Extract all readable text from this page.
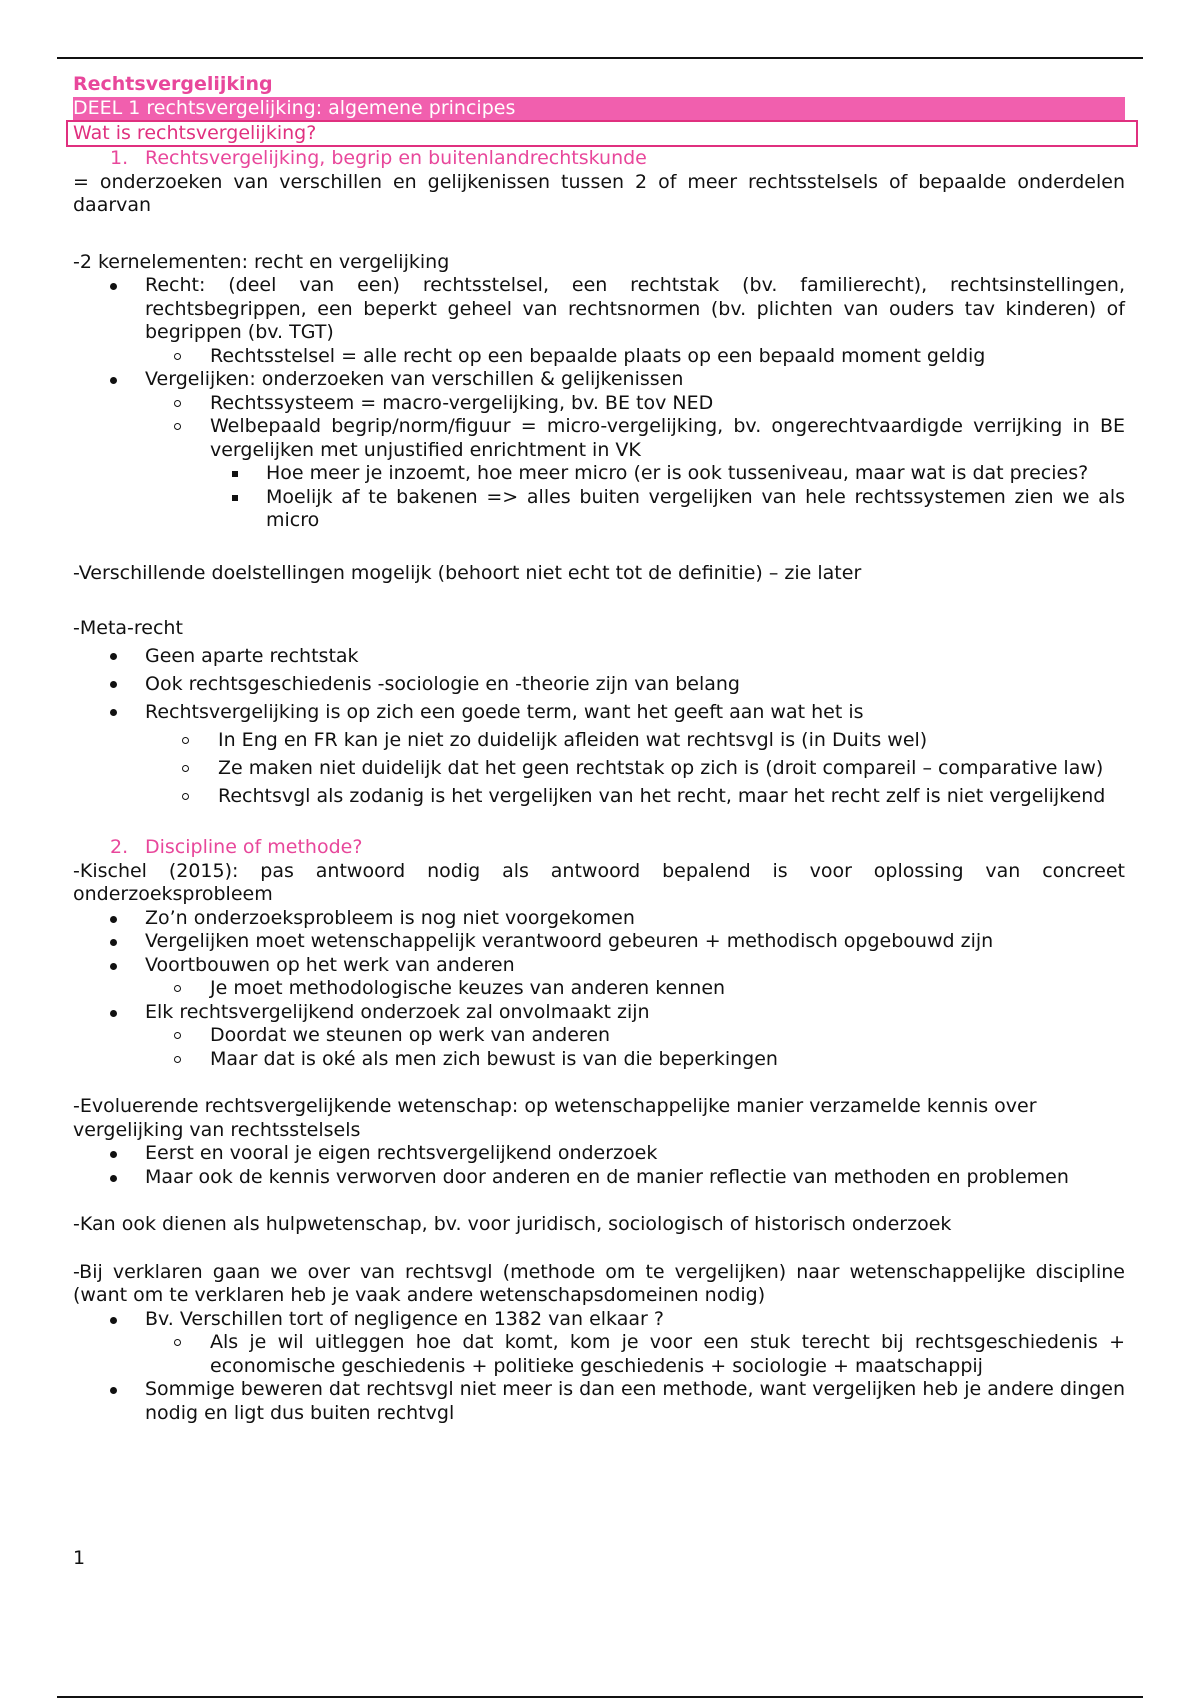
Rechtsvergelijking
DEEL 1 rechtsvergelijking: algemene principes
Wat is rechtsvergelijking?
1. Rechtsvergelijking, begrip en buitenlandrechtskunde

= onderzoeken van verschillen en gelijkenissen tussen 2 of meer rechtsstelsels of bepaalde onderdelen daarvan

-2 kernelementen: recht en vergelijking

Recht: (deel van een) rechtsstelsel, een rechtstak (bv. familierecht), rechtsinstellingen, rechtsbegrippen, een beperkt geheel van rechtsnormen (bv. plichten van ouders tav kinderen) of begrippen (bv. TGT)
Rechtsstelsel = alle recht op een bepaalde plaats op een bepaald moment geldig
Vergelijken: onderzoeken van verschillen & gelijkenissen
Rechtssysteem = macro-vergelijking, bv. BE tov NED
Welbepaald begrip/norm/figuur = micro-vergelijking, bv. ongerechtvaardigde verrijking in BE vergelijken met unjustified enrichtment in VK
Hoe meer je inzoemt, hoe meer micro (er is ook tusseniveau, maar wat is dat precies?
Moelijk af te bakenen => alles buiten vergelijken van hele rechtssystemen zien we als micro

-Verschillende doelstellingen mogelijk (behoort niet echt tot de definitie) – zie later

-Meta-recht

Geen aparte rechtstak
Ook rechtsgeschiedenis -sociologie en -theorie zijn van belang
Rechtsvergelijking is op zich een goede term, want het geeft aan wat het is
In Eng en FR kan je niet zo duidelijk afleiden wat rechtsvgl is (in Duits wel)
Ze maken niet duidelijk dat het geen rechtstak op zich is (droit compareil – comparative law)
Rechtsvgl als zodanig is het vergelijken van het recht, maar het recht zelf is niet vergelijkend
2. Discipline of methode?

-Kischel (2015): pas antwoord nodig als antwoord bepalend is voor oplossing van concreet onderzoeksprobleem

Zo’n onderzoeksprobleem is nog niet voorgekomen
Vergelijken moet wetenschappelijk verantwoord gebeuren + methodisch opgebouwd zijn
Voortbouwen op het werk van anderen
Je moet methodologische keuzes van anderen kennen
Elk rechtsvergelijkend onderzoek zal onvolmaakt zijn
Doordat we steunen op werk van anderen
Maar dat is oké als men zich bewust is van die beperkingen

-Evoluerende rechtsvergelijkende wetenschap: op wetenschappelijke manier verzamelde kennis over vergelijking van rechtsstelsels

Eerst en vooral je eigen rechtsvergelijkend onderzoek
Maar ook de kennis verworven door anderen en de manier reflectie van methoden en problemen

-Kan ook dienen als hulpwetenschap, bv. voor juridisch, sociologisch of historisch onderzoek

-Bij verklaren gaan we over van rechtsvgl (methode om te vergelijken) naar wetenschappelijke discipline (want om te verklaren heb je vaak andere wetenschapsdomeinen nodig)

Bv. Verschillen tort of negligence en 1382 van elkaar ?
Als je wil uitleggen hoe dat komt, kom je voor een stuk terecht bij rechtsgeschiedenis + economische geschiedenis + politieke geschiedenis + sociologie + maatschappij
Sommige beweren dat rechtsvgl niet meer is dan een methode, want vergelijken heb je andere dingen nodig en ligt dus buiten rechtvgl
1
